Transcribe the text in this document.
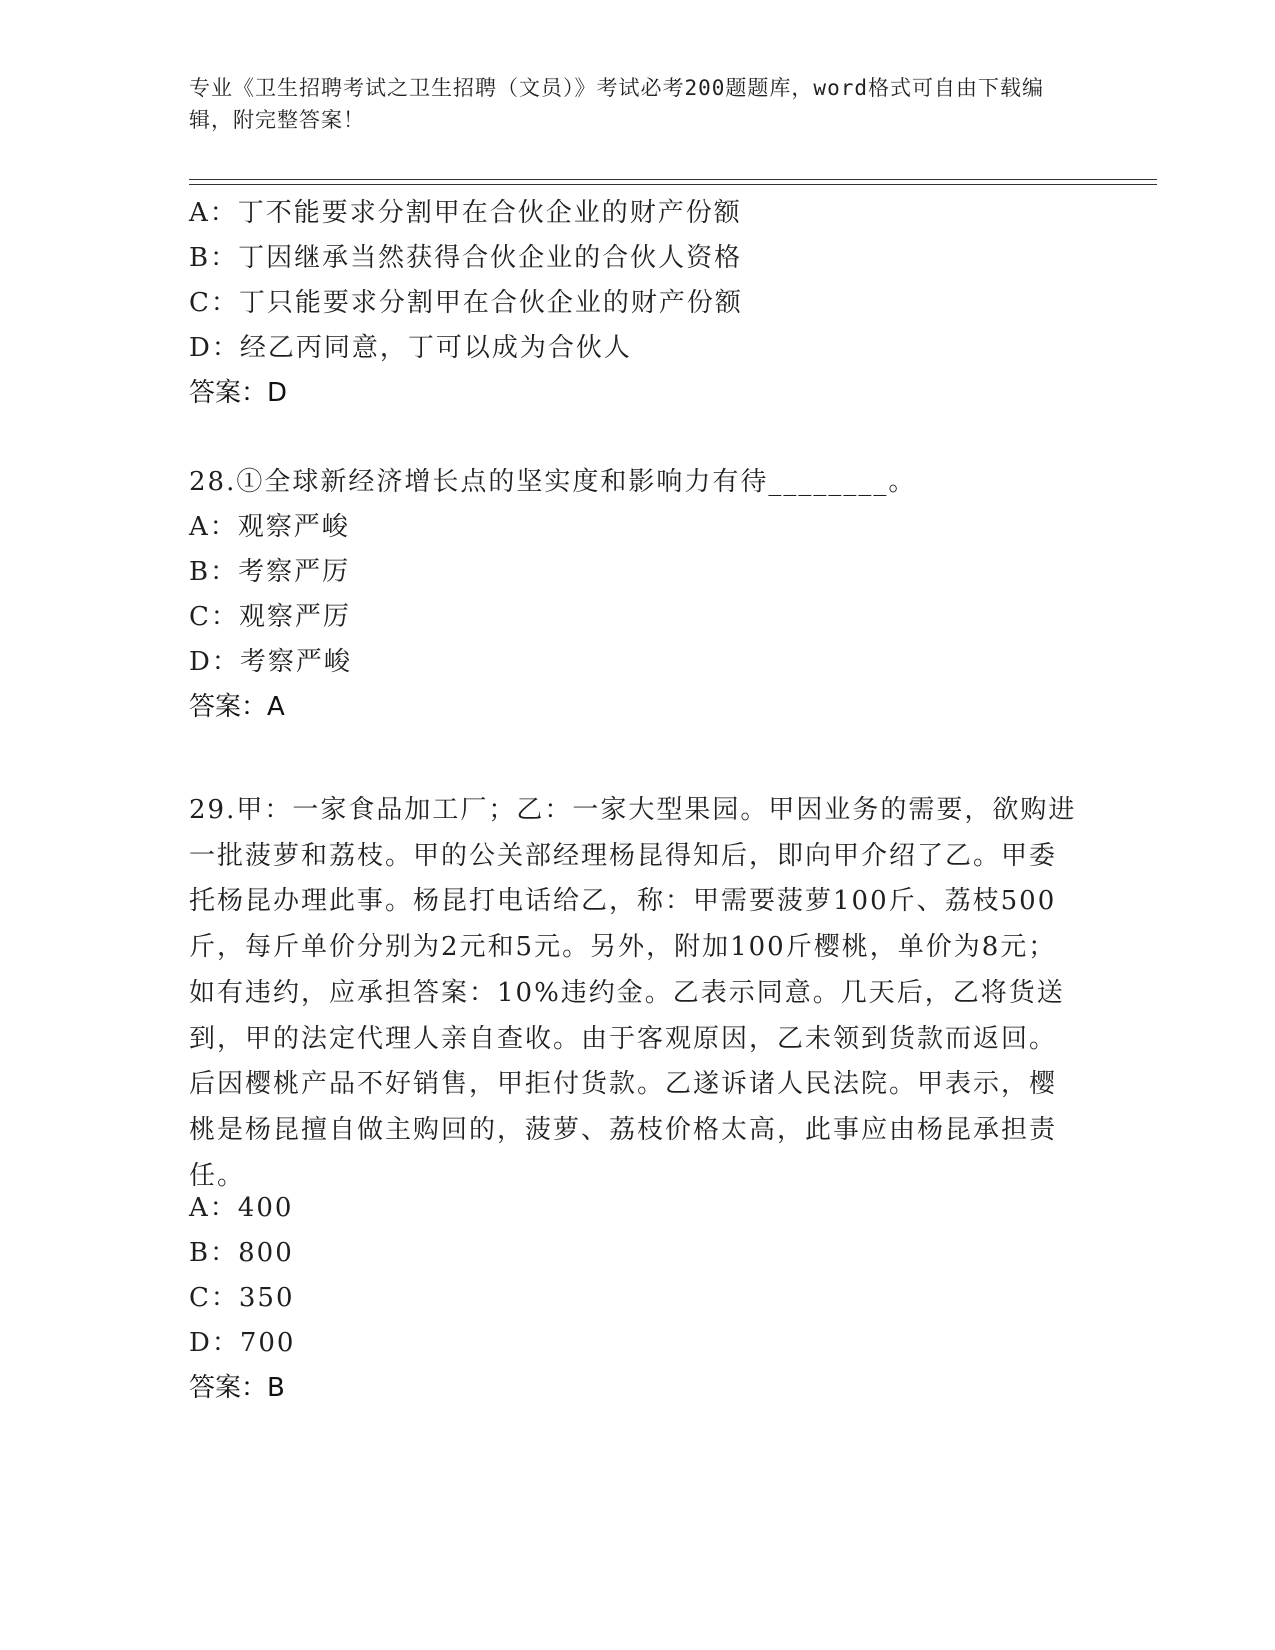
专业《卫生招聘考试之卫生招聘（文员）》考试必考200题题库，word格式可自由下载编辑，附完整答案！
A：丁不能要求分割甲在合伙企业的财产份额
B：丁因继承当然获得合伙企业的合伙人资格
C：丁只能要求分割甲在合伙企业的财产份额
D：经乙丙同意，丁可以成为合伙人
答案：D
28.①全球新经济增长点的坚实度和影响力有待________。
A：观察严峻
B：考察严厉
C：观察严厉
D：考察严峻
答案：A
29.甲：一家食品加工厂；乙：一家大型果园。甲因业务的需要，欲购进一批菠萝和荔枝。甲的公关部经理杨昆得知后，即向甲介绍了乙。甲委托杨昆办理此事。杨昆打电话给乙，称：甲需要菠萝100斤、荔枝500斤，每斤单价分别为2元和5元。另外，附加100斤樱桃，单价为8元；如有违约，应承担答案：10%违约金。乙表示同意。几天后，乙将货送到，甲的法定代理人亲自查收。由于客观原因，乙未领到货款而返回。后因樱桃产品不好销售，甲拒付货款。乙遂诉诸人民法院。甲表示，樱桃是杨昆擅自做主购回的，菠萝、荔枝价格太高，此事应由杨昆承担责任。
A：400
B：800
C：350
D：700
答案：B
